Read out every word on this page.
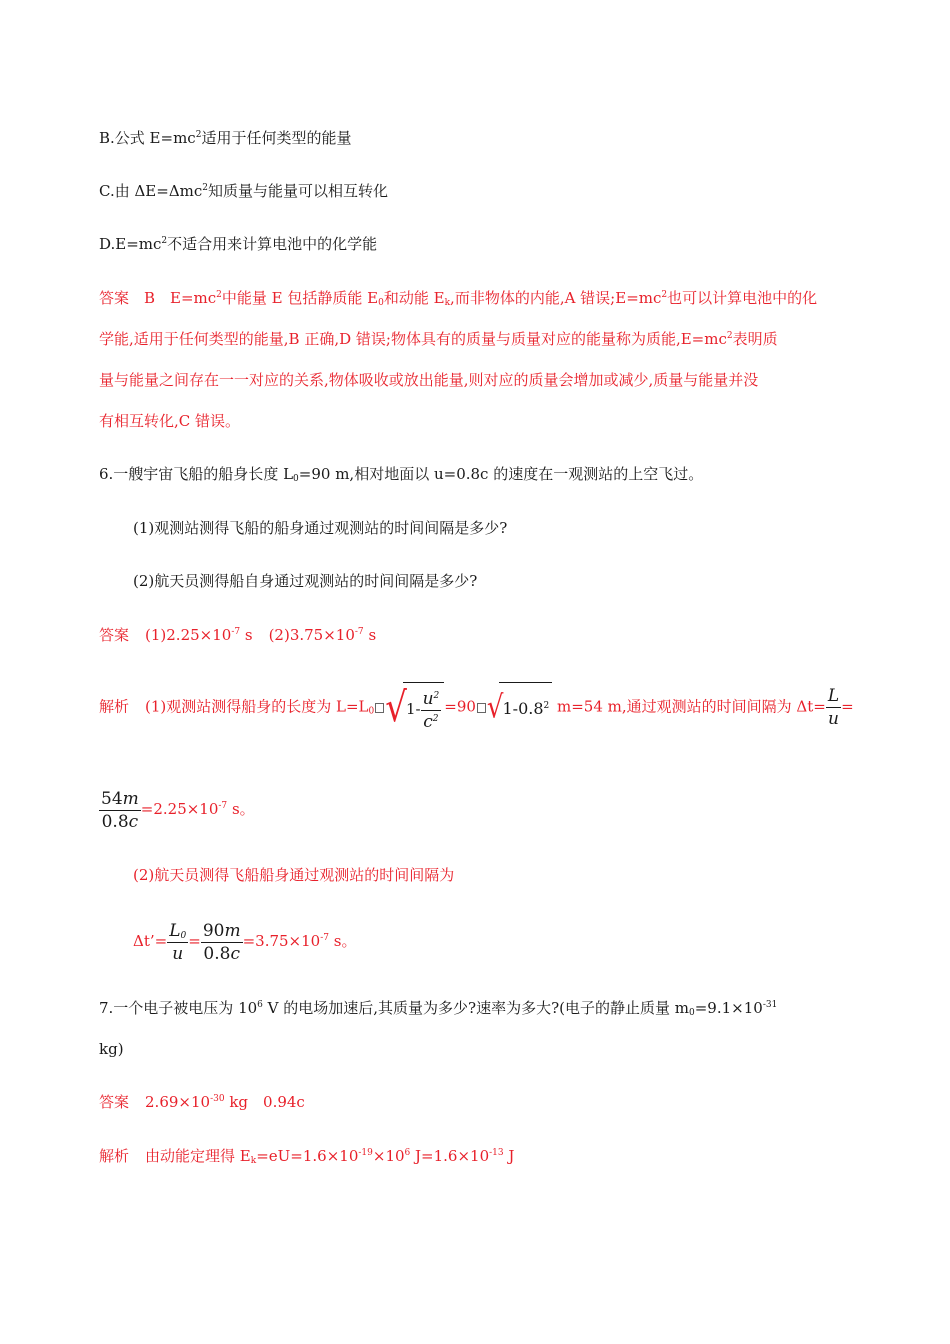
B.公式 $E=mc^2$适用于任何类型的能量
C.由 ΔE=Δmc$^2$知质量与能量可以相互转化
$D.E=mc^2$不适合用来计算电池中的化学能
答案　B　$E=mc^2$中能量 E 包括静质能 $E_0$和动能 $E_k$,而非物体的内能,A 错误$;E=mc^2$也可以计算电池中的化
学能,适用于任何类型的能量,B 正确,D 错误;物体具有的质量与质量对应的能量称为质能$,E=mc^2$表明质
量与能量之间存在一一对应的关系,物体吸收或放出能量,则对应的质量会增加或减少,质量与能量并没
有相互转化,C 错误。
6.一艘宇宙飞船的船身长度 $L_0=90$ m,相对地面以 u=0.8c 的速度在一观测站的上空飞过。
(1)观测站测得飞船的船身通过观测站的时间间隔是多少?
(2)航天员测得船自身通过观测站的时间间隔是多少?
答案 $(1)2.25\times 10^{-7}$ s $(2)3.75\times 10^{-7}$ s
解析 (1)观测站测得船身的长度为 $L=L_0$ $√1- \frac{u^2}{c^2} =90$ $√1-0.8^2$ m=54 m,通过观测站的时间间隔为 $\Delta t= \frac{L}{u}$ =
$\frac{54m}{0.8c} =2.25\times 10^{-7}$ s。
(2)航天员测得飞船船身通过观测站的时间间隔为
Δt’= $\frac{L_0}{u} = \frac{90m}{0.8c} =3.75\times 10^{-7}$ s。
7.一个电子被电压为 $10^6$ V 的电场加速后,其质量为多少?速率为多大?(电子的静止质量 $m_0=9.1\times 10^{-31}$
kg)
答案 $2.69\times 10^{-30}$ kg　0.94c
解析 由动能定理得 $E_k=eU=1.6\times 10^{-19}\times 10^6$ $J=1.6\times 10^{-13}$ J
